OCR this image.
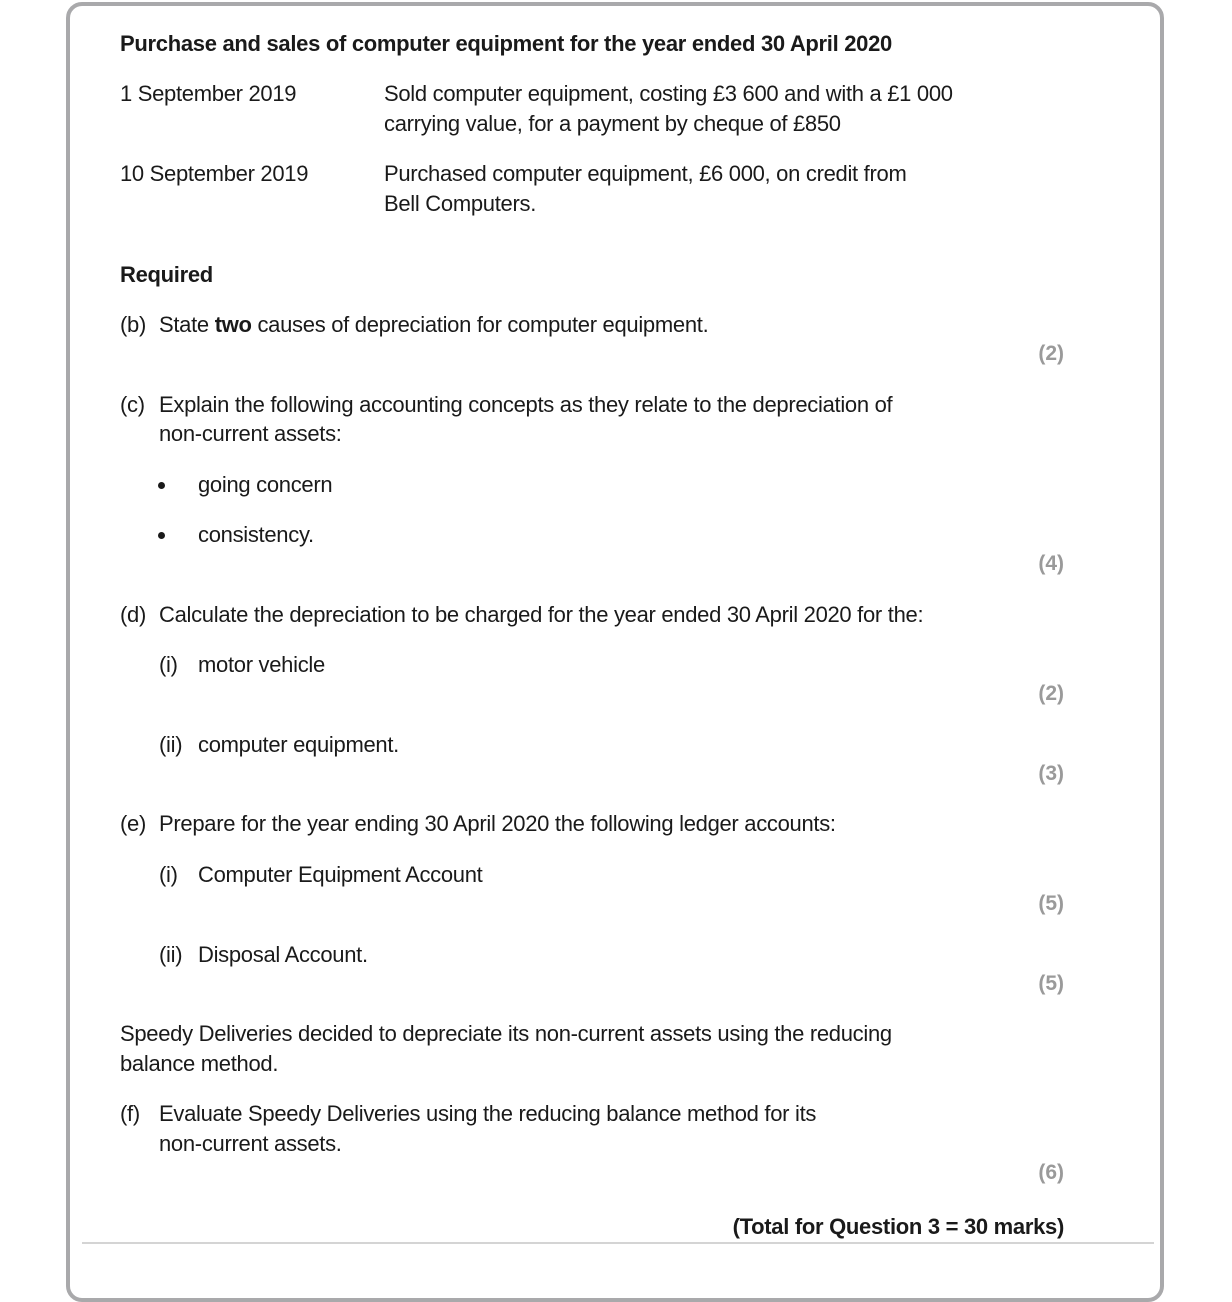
Purchase and sales of computer equipment for the year ended 30 April 2020
1 September 2019	Sold computer equipment, costing £3 600 and with a £1 000
carrying value, for a payment by cheque of £850
10 September 2019	Purchased computer equipment, £6 000, on credit from
Bell Computers.
Required
(b) State two causes of depreciation for computer equipment.
(2)
(c) Explain the following accounting concepts as they relate to the depreciation of
non-current assets:
going concern
consistency.
(4)
(d) Calculate the depreciation to be charged for the year ended 30 April 2020 for the:
(i) motor vehicle
(2)
(ii) computer equipment.
(3)
(e) Prepare for the year ending 30 April 2020 the following ledger accounts:
(i) Computer Equipment Account
(5)
(ii) Disposal Account.
(5)
Speedy Deliveries decided to depreciate its non-current assets using the reducing
balance method.
(f) Evaluate Speedy Deliveries using the reducing balance method for its
non-current assets.
(6)
(Total for Question 3 = 30 marks)
